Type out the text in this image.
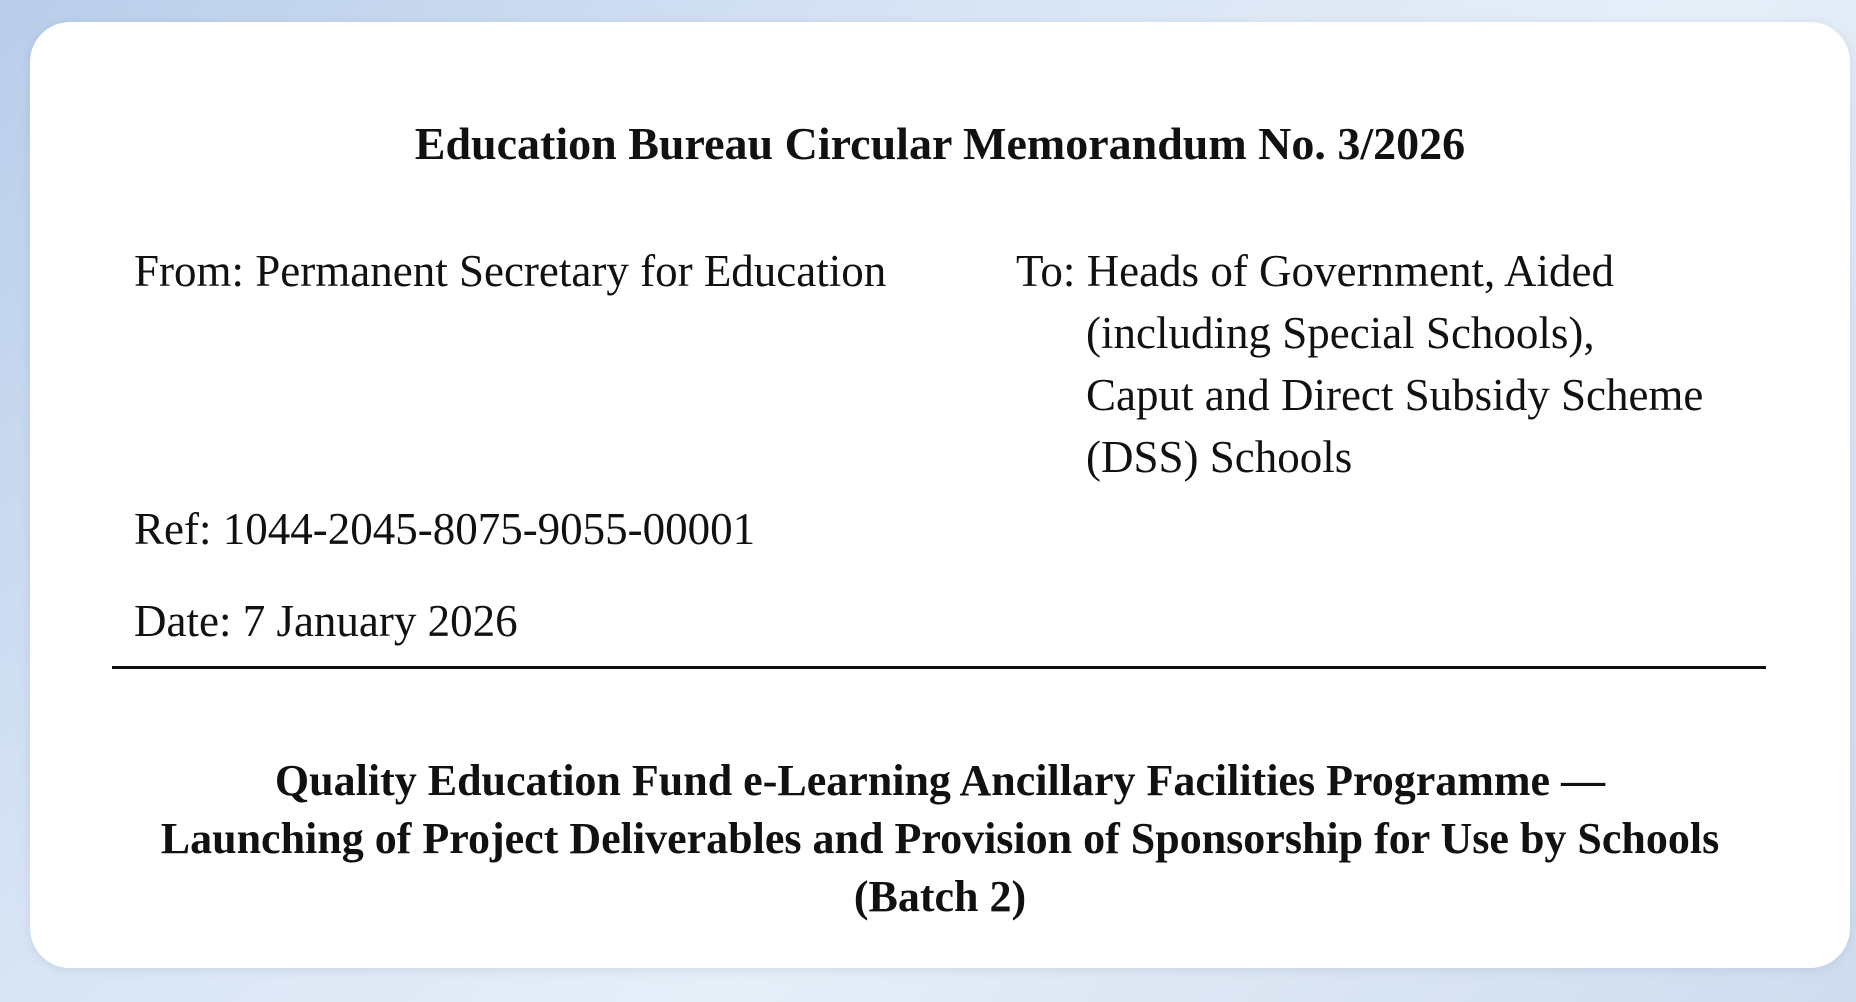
Education Bureau Circular Memorandum No. 3/2026

From: Permanent Secretary for Education	To: Heads of Government, Aided
(including Special Schools),
Caput and Direct Subsidy Scheme
(DSS) Schools

Ref: 1044-2045-8075-9055-00001

Date: 7 January 2026

Quality Education Fund e-Learning Ancillary Facilities Programme —
Launching of Project Deliverables and Provision of Sponsorship for Use by Schools
(Batch 2)
